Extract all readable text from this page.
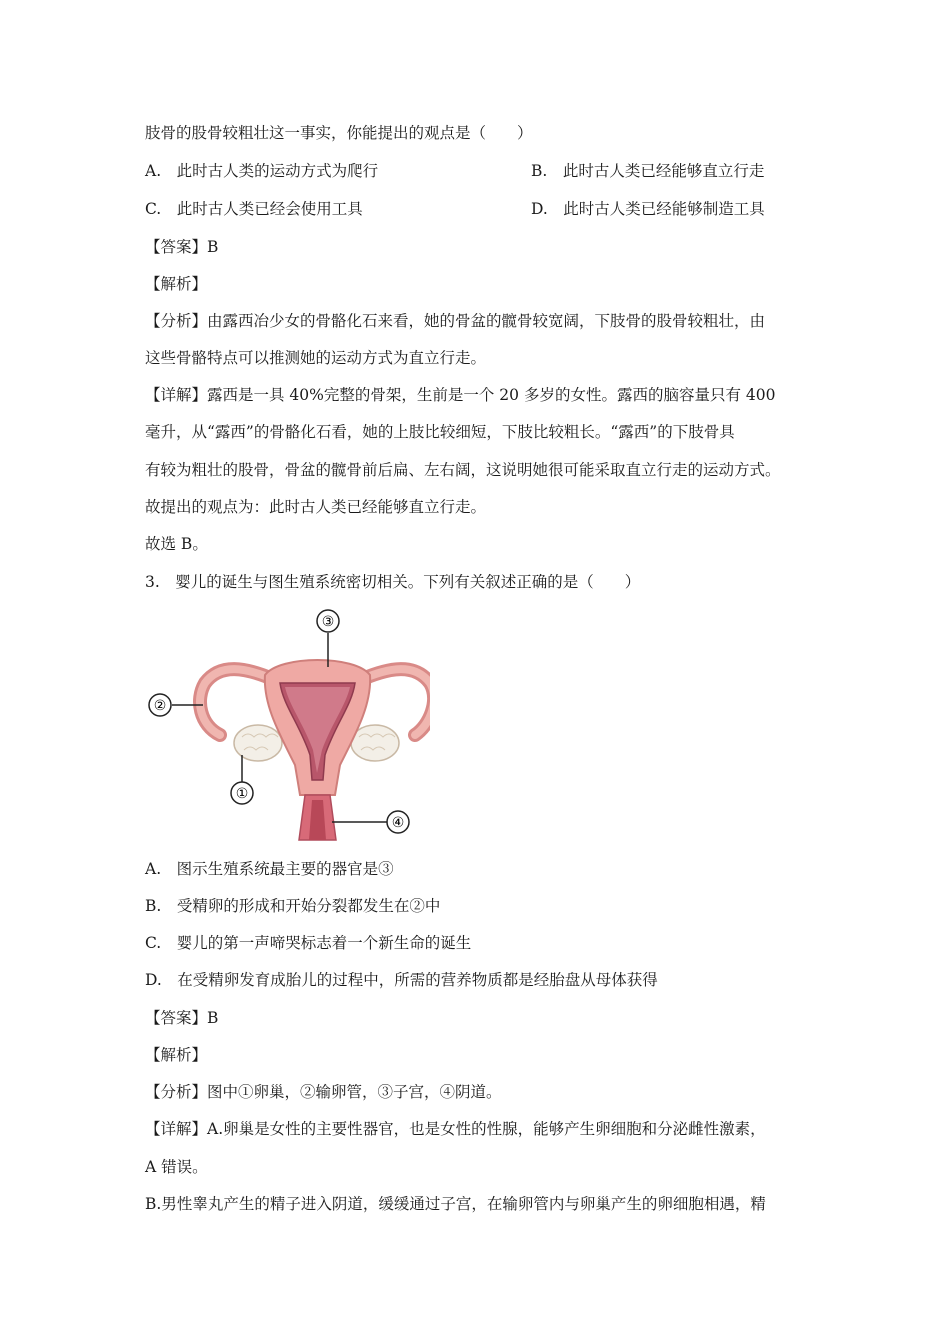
肢骨的股骨较粗壮这一事实，你能提出的观点是（　　）
A.　此时古人类的运动方式为爬行	B.　此时古人类已经能够直立行走
C.　此时古人类已经会使用工具	D.　此时古人类已经能够制造工具
【答案】B
【解析】
【分析】由露西冶少女的骨骼化石来看，她的骨盆的髋骨较宽阔，下肢骨的股骨较粗壮，由
这些骨骼特点可以推测她的运动方式为直立行走。
【详解】露西是一具 40%完整的骨架，生前是一个 20 多岁的女性。露西的脑容量只有 400
毫升，从“露西”的骨骼化石看，她的上肢比较细短，下肢比较粗长。“露西”的下肢骨具
有较为粗壮的股骨，骨盆的髋骨前后扁、左右阔，这说明她很可能采取直立行走的运动方式。
故提出的观点为：此时古人类已经能够直立行走。
故选 B。
3.　婴儿的诞生与图生殖系统密切相关。下列有关叙述正确的是（　　）
③
②
①
④
A.　图示生殖系统最主要的器官是③
B.　受精卵的形成和开始分裂都发生在②中
C.　婴儿的第一声啼哭标志着一个新生命的诞生
D.　在受精卵发育成胎儿的过程中，所需的营养物质都是经胎盘从母体获得
【答案】B
【解析】
【分析】图中①卵巢，②输卵管，③子宫，④阴道。
【详解】A.卵巢是女性的主要性器官，也是女性的性腺，能够产生卵细胞和分泌雌性激素，
A 错误。
B.男性睾丸产生的精子进入阴道，缓缓通过子宫，在输卵管内与卵巢产生的卵细胞相遇，精
